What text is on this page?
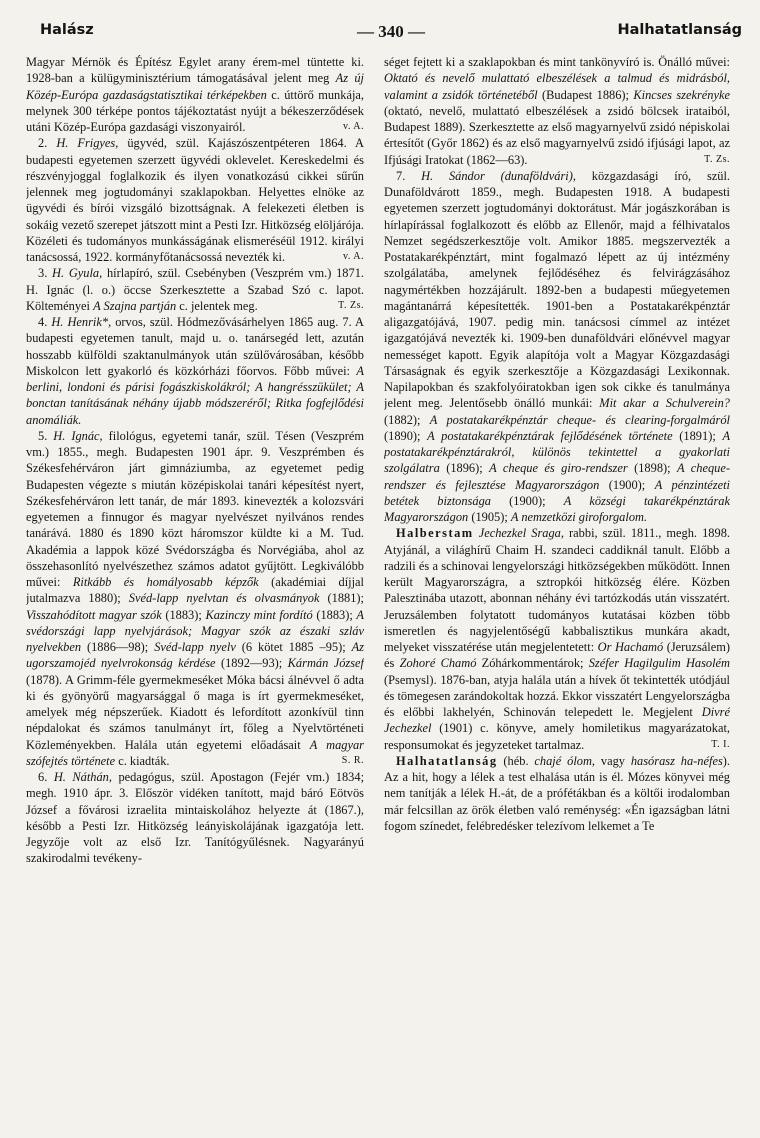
Halász	— 340 —	Halhatatlanság

Magyar Mérnök és Építész Egylet arany érem-mel tüntette ki. 1928-ban a külügyminisztérium támogatásával jelent meg Az új Közép-Európa gazdaságstatisztikai térképekben c. úttörő munkája, melynek 300 térképe pontos tájékoztatást nyújt a békeszerződések utáni Közép-Európa gazdasági viszonyairól.	v. A.

2. H. Frigyes, ügyvéd, szül. Kajászószentpéteren 1864. A budapesti egyetemen szerzett ügyvédi oklevelet. Kereskedelmi és részvényjoggal foglalkozik és ilyen vonatkozású cikkei sűrűn jelennek meg jogtudományi szaklapokban. Helyettes elnöke az ügyvédi és bírói vizsgáló bizottságnak. A felekezeti életben is sokáig vezető szerepet játszott mint a Pesti Izr. Hitközség elöljárója. Közéleti és tudományos munkásságának elismeréséül 1912. királyi tanácsossá, 1922. kormányfőtanácsossá nevezték ki.	v. A.

3. H. Gyula, hírlapíró, szül. Csebényben (Veszprém vm.) 1871. H. Ignác (l. o.) öccse Szerkesztette a Szabad Szó c. lapot. Költeményei A Szajna partján c. jelentek meg.	T. Zs.

4. H. Henrik*, orvos, szül. Hódmezővásárhelyen 1865 aug. 7. A budapesti egyetemen tanult, majd u. o. tanársegéd lett, azután hosszabb külföldi szaktanulmányok után szülővárosában, később Miskolcon lett gyakorló és közkórházi főorvos. Főbb művei: A berlini, londoni és párisi fogászkiskolákról; A hangrésszükület; A bonctan tanításának néhány újabb módszeréről; Ritka fogfejlődési anomáliák.

5. H. Ignác, filológus, egyetemi tanár, szül. Tésen (Veszprém vm.) 1855., megh. Budapesten 1901 ápr. 9. Veszprémben és Székesfehérváron járt gimnáziumba, az egyetemet pedig Budapesten végezte s miután középiskolai tanári képesítést nyert, Székesfehérváron lett tanár, de már 1893. kinevezték a kolozsvári egyetemen a finnugor és magyar nyelvészet nyilvános rendes tanárává. 1880 és 1890 közt háromszor küldte ki a M. Tud. Akadémia a lappok közé Svédországba és Norvégiába, ahol az összehasonlító nyelvészethez számos adatot gyűjtött. Legkiválóbb művei: Ritkább és homályosabb képzők (akadémiai díjjal jutalmazva 1880); Svéd-lapp nyelvtan és olvasmányok (1881); Visszahódított magyar szók (1883); Kazinczy mint fordító (1883); A svédországi lapp nyelvjárások; Magyar szók az északi szláv nyelvekben (1886—98); Svéd-lapp nyelv (6 kötet 1885 –95); Az ugorszamojéd nyelvrokonság kérdése (1892—93); Kármán József (1878). A Grimm-féle gyermekmeséket Móka bácsi álnévvel ő adta ki és gyönyörű magyarsággal ő maga is írt gyermekmeséket, amelyek még népszerűek. Kiadott és lefordított azonkívül tinn népdalokat és számos tanulmányt írt, főleg a Nyelvtörténeti Közleményekben. Halála után egyetemi előadásait A magyar szófejtés története c. kiadták.	S. R.

6. H. Náthán, pedagógus, szül. Apostagon (Fejér vm.) 1834; megh. 1910 ápr. 3. Először vidéken tanított, majd báró Eötvös József a fővárosi izraelita mintaiskolához helyezte át (1867.), később a Pesti Izr. Hitközség leányiskolájának igazgatója lett. Jegyzője volt az első Izr. Tanítógyűlésnek. Nagyarányú szakirodalmi tevékeny-

séget fejtett ki a szaklapokban és mint tankönyvíró is. Önálló művei: Oktató és nevelő mulattató elbeszélések a talmud és midrásból, valamint a zsidók történetéből (Budapest 1886); Kincses szekrényke (oktató, nevelő, mulattató elbeszélések a zsidó bölcsek irataiból, Budapest 1889). Szerkesztette az első magyarnyelvű zsidó népiskolai értesítőt (Győr 1862) és az első magyarnyelvű zsidó ifjúsági lapot, az Ifjúsági Iratokat (1862—63).	T. Zs.

7. H. Sándor (dunaföldvári), közgazdasági író, szül. Dunaföldvárott 1859., megh. Budapesten 1918. A budapesti egyetemen szerzett jogtudományi doktorátust. Már jogászkorában is hírlapírással foglalkozott és előbb az Ellenőr, majd a félhivatalos Nemzet segédszerkesztője volt. Amikor 1885. megszervezték a Postatakarékpénztárt, mint fogalmazó lépett az új intézmény szolgálatába, amelynek fejlődéséhez és felvirágzásához nagymértékben hozzájárult. 1892-ben a budapesti műegyetemen magántanárrá képesítették. 1901-ben a Postatakarékpénztár aligazgatójává, 1907. pedig min. tanácsosi címmel az intézet igazgatójává nevezték ki. 1909-ben dunaföldvári előnévvel magyar nemességet kapott. Egyik alapítója volt a Magyar Közgazdasági Társaságnak és egyik szerkesztője a Közgazdasági Lexikonnak. Napilapokban és szakfolyóiratokban igen sok cikke és tanulmánya jelent meg. Jelentősebb önálló munkái: Mit akar a Schulverein? (1882); A postatakarékpénztár cheque- és clearing-forgalmáról (1890); A postatakarékpénztárak fejlődésének története (1891); A postatakarékpénztárakról, különös tekintettel a gyakorlati szolgálatra (1896); A cheque és giro-rendszer (1898); A cheque-rendszer és fejlesztése Magyarországon (1900); A pénzintézeti betétek biztonsága (1900); A községi takarékpénztárak Magyarországon (1905); A nemzetközi giroforgalom.

Halberstam Jechezkel Sraga, rabbi, szül. 1811., megh. 1898. Atyjánál, a világhírű Chaim H. szandeci caddiknál tanult. Előbb a radzili és a schinovai lengyelországi hitközségekben működött. Innen került Magyarországra, a sztropkói hitközség élére. Közben Palesztinába utazott, abonnan néhány évi tartózkodás után visszatért. Jeruzsálemben folytatott tudományos kutatásai közben több ismeretlen és nagyjelentőségű kabbalisztikus munkára akadt, melyeket visszatérése után megjelentetett: Or Hachamó (Jeruzsálem) és Zohoré Chamó Zóhárkommentárok; Széfer Hagilgulim Hasolém (Psemysl). 1876-ban, atyja halála után a hívek őt tekintették utódjául és tömegesen zarándokoltak hozzá. Ekkor visszatért Lengyelországba és előbbi lakhelyén, Schinován telepedett le. Megjelent Divré Jechezkel (1901) c. könyve, amely homiletikus magyarázatokat, responsumokat és jegyzeteket tartalmaz.	T. I.

Halhatatlanság (héb. chajé ólom, vagy hasórasz ha-néfes). Az a hit, hogy a lélek a test elhalása után is él. Mózes könyvei még nem tanítják a lélek H.-át, de a prófétákban és a költői irodalomban már felcsillan az örök életben való reménység: «Én igazságban látni fogom színedet, felébredésker telezívom lelkemet a Te
